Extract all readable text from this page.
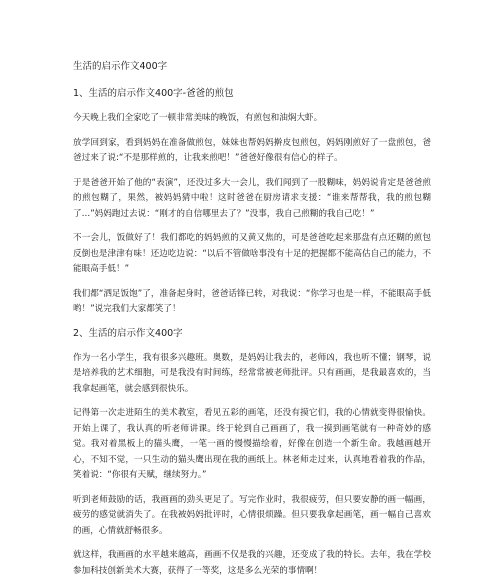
生活的启示作文400字
1、生活的启示作文400字-爸爸的煎包

今天晚上我们全家吃了一顿非常美味的晚饭，有煎包和油焖大虾。

放学回到家，看到妈妈在准备做煎包，妹妹也帮妈妈擀皮包煎包，妈妈刚煎好了一盘煎包，爸爸过来了说:“不是那样煎的，让我来煎吧！”爸爸好像很有信心的样子。

于是爸爸开始了他的“表演”，还没过多大一会儿，我们闻到了一股糊味，妈妈说肯定是爸爸煎的煎包糊了，果然，被妈妈猜中啦！这时爸爸在厨房请求支援：“谁来帮帮我，我的煎包糊了…”妈妈跑过去说：“刚才的自信哪里去了？”没事，我自己煎糊的我自己吃！”

不一会儿，饭做好了！我们都吃的妈妈煎的又黄又焦的，可是爸爸吃起来那盘有点还糊的煎包反倒也是津津有味！还边吃边说：“以后不管做啥事没有十足的把握都不能高估自己的能力，不能眼高手低！”

我们都“洒足饭饱”了，准备起身时，爸爸话锋已转，对我说：“你学习也是一样，不能眼高手低哟！”说完我们大家都笑了！

2、生活的启示作文400字

作为一名小学生，我有很多兴趣班。奥数，是妈妈让我去的，老师凶，我也听不懂；钢琴，说是培养我的艺术细胞，可是我没有时间练，经常常被老师批评。只有画画，是我最喜欢的，当我拿起画笔，就会感到很快乐。

记得第一次走进陌生的美术教室，看见五彩的画笔，还没有摸它们，我的心情就变得很愉快。开始上课了，我认真的听老师讲课。终于轮到自己画画了，我一摸到画笔就有一种奇妙的感觉。我对着黑板上的猫头鹰，一笔一画的慢慢描绘着，好像在创造一个新生命。我越画越开心，不知不觉，一只生动的猫头鹰出现在我的画纸上。林老师走过来，认真地看着我的作品，笑着说：“你很有天赋，继续努力。”

听到老师鼓励的话，我画画的劲头更足了。写完作业时，我很疲劳，但只要安静的画一幅画，疲劳的感觉就消失了。在我被妈妈批评时，心情很烦躁。但只要我拿起画笔，画一幅自己喜欢的画，心情就舒畅很多。

就这样，我画画的水平越来越高，画画不仅是我的兴趣，还变成了我的特长。去年，我在学校参加科技创新美术大赛，获得了一等奖，这是多么光荣的事情啊！
